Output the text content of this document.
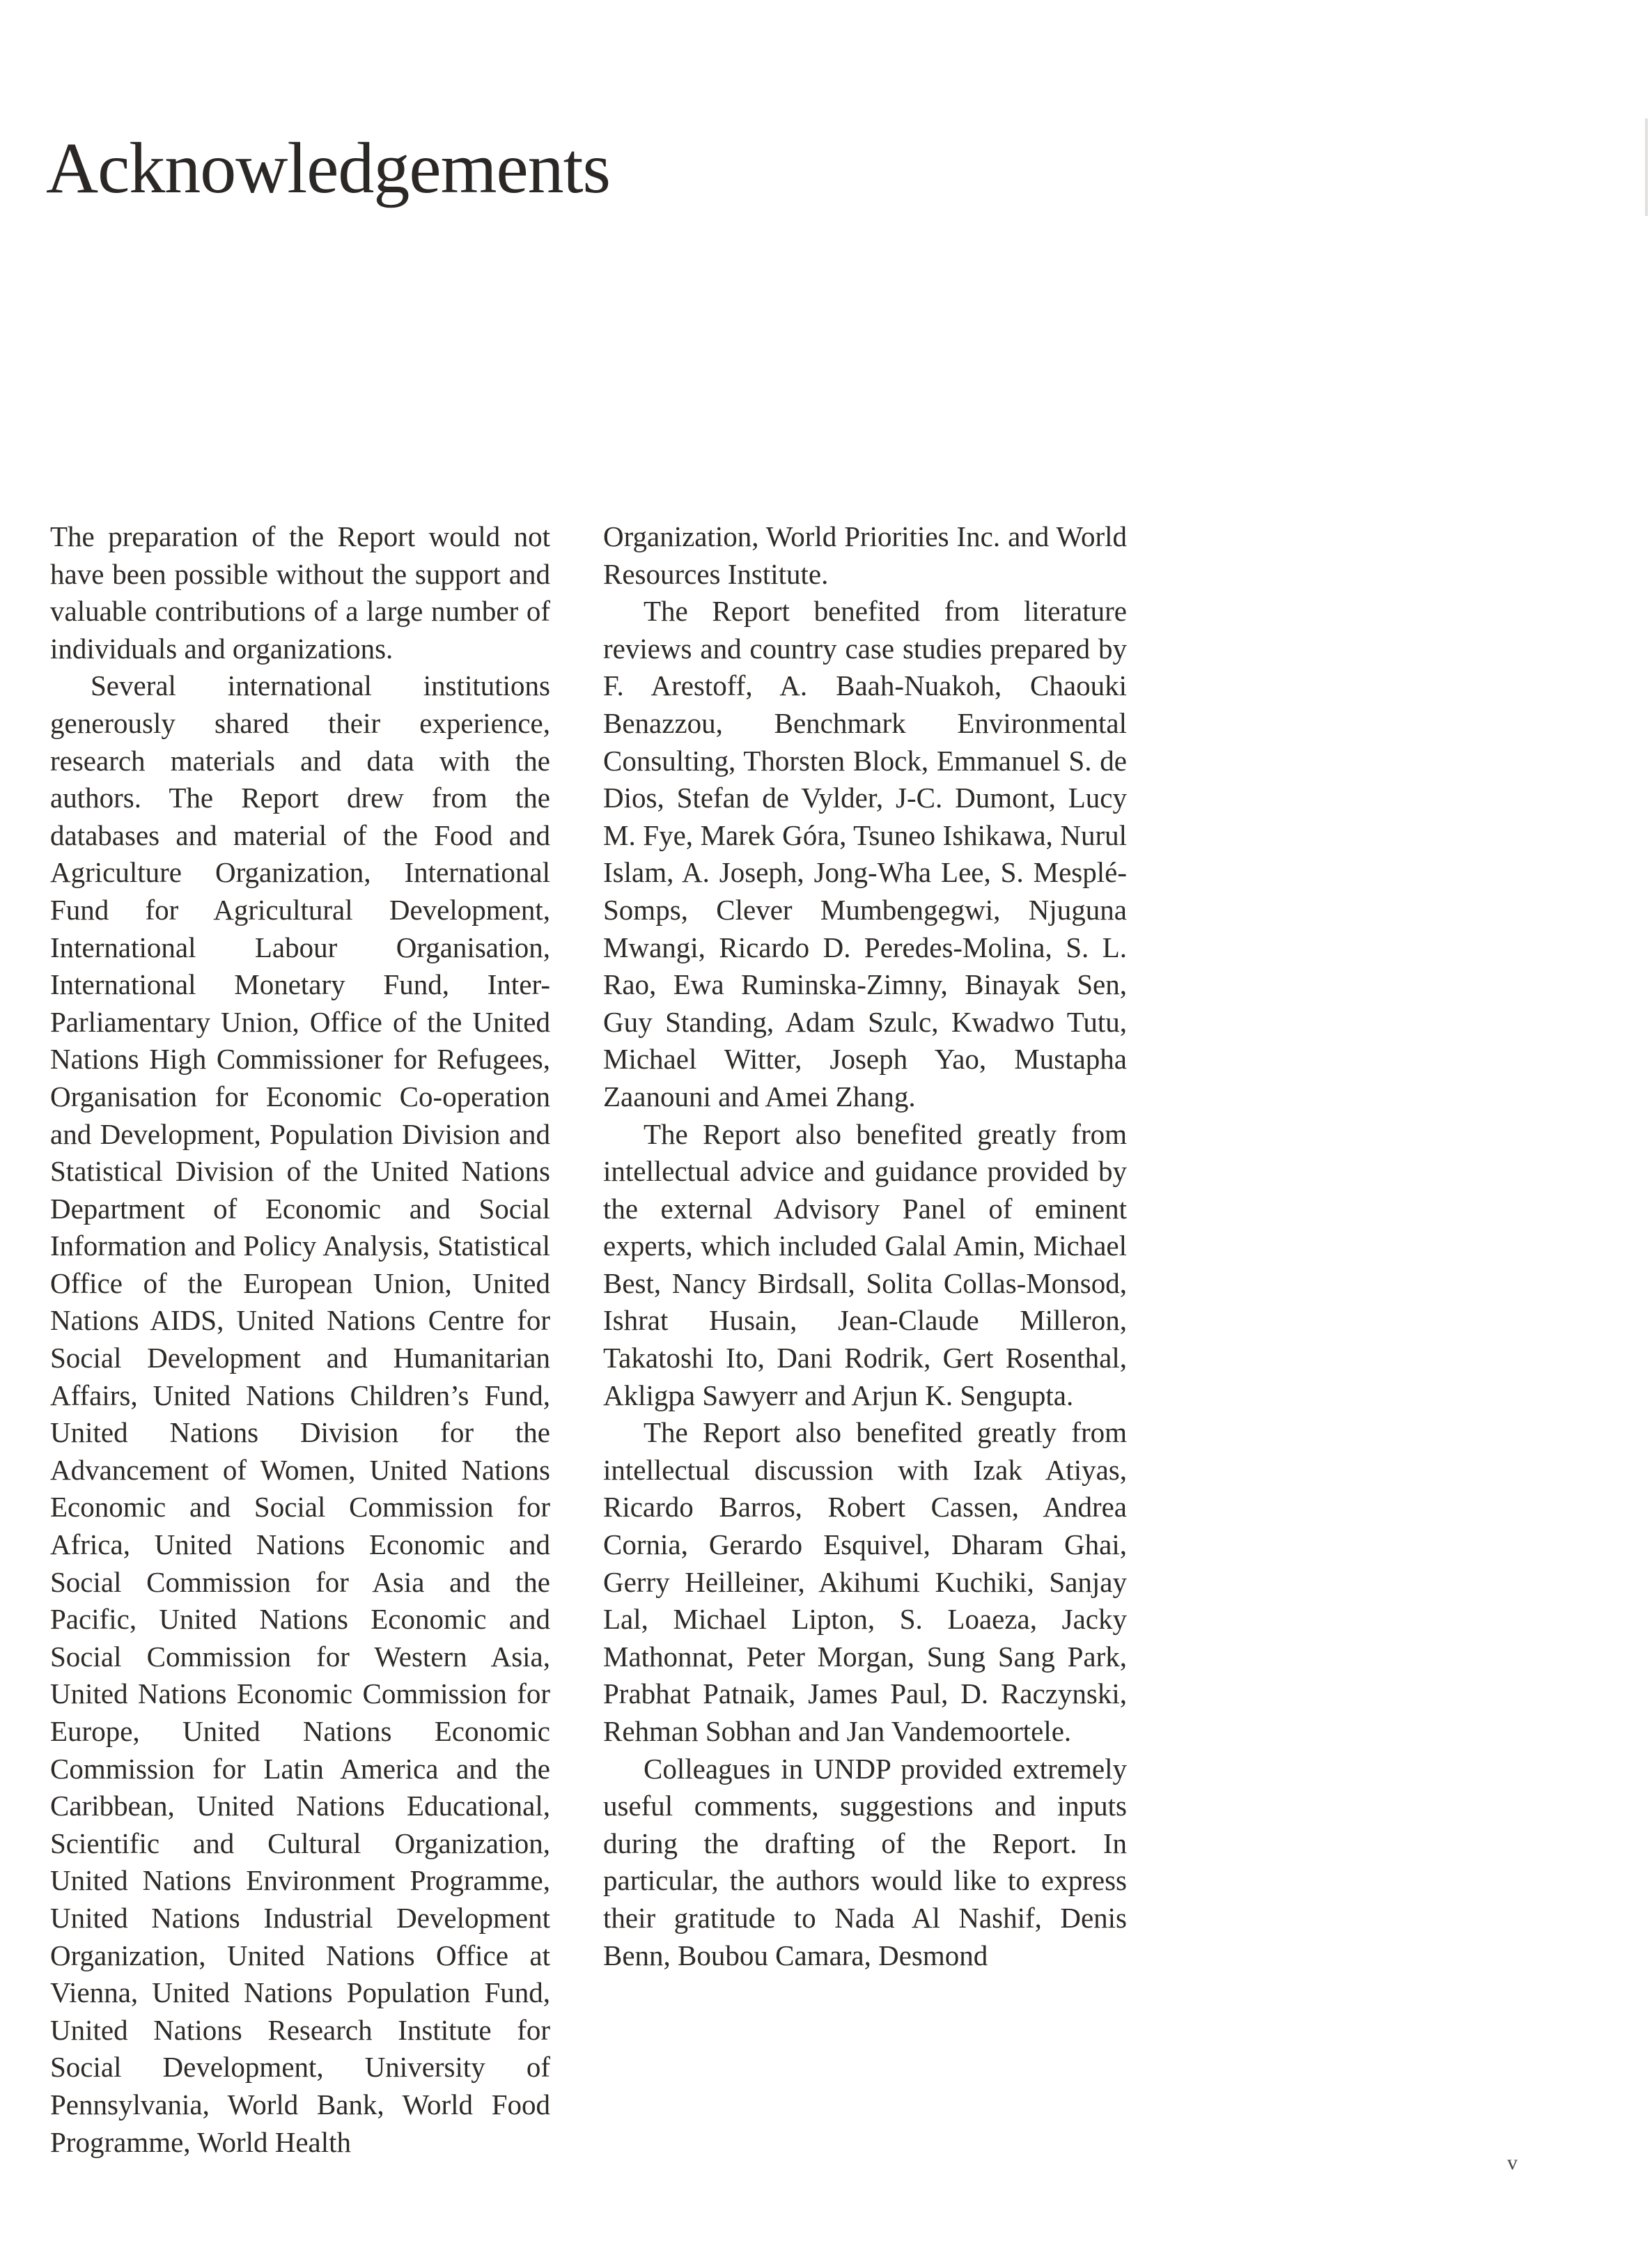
Acknowledgements

The preparation of the Report would not have been possible without the support and valuable contributions of a large number of individuals and organizations.

Several international institutions generously shared their experience, research materials and data with the authors. The Report drew from the databases and material of the Food and Agriculture Organization, International Fund for Agricultural Development, International Labour Organisation, International Monetary Fund, Inter-Parliamentary Union, Office of the United Nations High Commissioner for Refugees, Organisation for Economic Co-operation and Development, Population Division and Statistical Division of the United Nations Department of Economic and Social Information and Policy Analysis, Statistical Office of the European Union, United Nations AIDS, United Nations Centre for Social Development and Humanitarian Affairs, United Nations Children’s Fund, United Nations Division for the Advancement of Women, United Nations Economic and Social Commission for Africa, United Nations Economic and Social Commission for Asia and the Pacific, United Nations Economic and Social Commission for Western Asia, United Nations Economic Commission for Europe, United Nations Economic Commission for Latin America and the Caribbean, United Nations Educational, Scientific and Cultural Organization, United Nations Environment Programme, United Nations Industrial Development Organization, United Nations Office at Vienna, United Nations Population Fund, United Nations Research Institute for Social Development, University of Pennsylvania, World Bank, World Food Programme, World Health

Organization, World Priorities Inc. and World Resources Institute.

The Report benefited from literature reviews and country case studies prepared by F. Arestoff, A. Baah-Nuakoh, Chaouki Benazzou, Benchmark Environmental Consulting, Thorsten Block, Emmanuel S. de Dios, Stefan de Vylder, J-C. Dumont, Lucy M. Fye, Marek Góra, Tsuneo Ishikawa, Nurul Islam, A. Joseph, Jong-Wha Lee, S. Mesplé-Somps, Clever Mumbengegwi, Njuguna Mwangi, Ricardo D. Peredes-Molina, S. L. Rao, Ewa Ruminska-Zimny, Binayak Sen, Guy Standing, Adam Szulc, Kwadwo Tutu, Michael Witter, Joseph Yao, Mustapha Zaanouni and Amei Zhang.

The Report also benefited greatly from intellectual advice and guidance provided by the external Advisory Panel of eminent experts, which included Galal Amin, Michael Best, Nancy Birdsall, Solita Collas-Monsod, Ishrat Husain, Jean-Claude Milleron, Takatoshi Ito, Dani Rodrik, Gert Rosenthal, Akligpa Sawyerr and Arjun K. Sengupta.

The Report also benefited greatly from intellectual discussion with Izak Atiyas, Ricardo Barros, Robert Cassen, Andrea Cornia, Gerardo Esquivel, Dharam Ghai, Gerry Heilleiner, Akihumi Kuchiki, Sanjay Lal, Michael Lipton, S. Loaeza, Jacky Mathonnat, Peter Morgan, Sung Sang Park, Prabhat Patnaik, James Paul, D. Raczynski, Rehman Sobhan and Jan Vandemoortele.

Colleagues in UNDP provided extremely useful comments, suggestions and inputs during the drafting of the Report. In particular, the authors would like to express their gratitude to Nada Al Nashif, Denis Benn, Boubou Camara, Desmond

v
